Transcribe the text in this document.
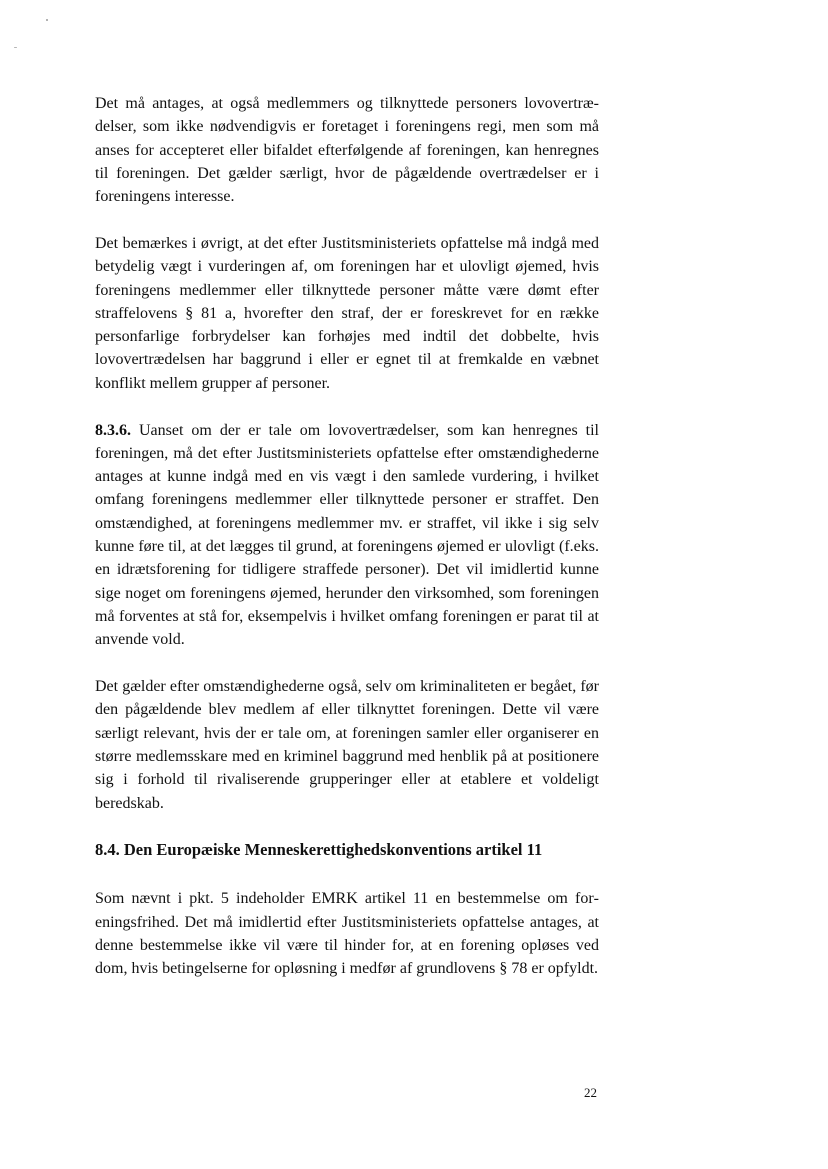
Det må antages, at også medlemmers og tilknyttede personers lovovertrædelser, som ikke nødvendigvis er foretaget i foreningens regi, men som må anses for accepteret eller bifaldet efterfølgende af foreningen, kan henregnes til foreningen. Det gælder særligt, hvor de pågældende overtrædelser er i foreningens interesse.

Det bemærkes i øvrigt, at det efter Justitsministeriets opfattelse må indgå med betydelig vægt i vurderingen af, om foreningen har et ulovligt øjemed, hvis foreningens medlemmer eller tilknyttede personer måtte være dømt efter straffelovens § 81 a, hvorefter den straf, der er foreskrevet for en række personfarlige forbrydelser kan forhøjes med indtil det dobbelte, hvis lovovertrædelsen har baggrund i eller er egnet til at fremkalde en væbnet konflikt mellem grupper af personer.

8.3.6. Uanset om der er tale om lovovertrædelser, som kan henregnes til foreningen, må det efter Justitsministeriets opfattelse efter omstændighederne antages at kunne indgå med en vis vægt i den samlede vurdering, i hvilket omfang foreningens medlemmer eller tilknyttede personer er straffet. Den omstændighed, at foreningens medlemmer mv. er straffet, vil ikke i sig selv kunne føre til, at det lægges til grund, at foreningens øjemed er ulovligt (f.eks. en idrætsforening for tidligere straffede personer). Det vil imidlertid kunne sige noget om foreningens øjemed, herunder den virksomhed, som foreningen må forventes at stå for, eksempelvis i hvilket omfang foreningen er parat til at anvende vold.

Det gælder efter omstændighederne også, selv om kriminaliteten er begået, før den pågældende blev medlem af eller tilknyttet foreningen. Dette vil være særligt relevant, hvis der er tale om, at foreningen samler eller organiserer en større medlemsskare med en kriminel baggrund med henblik på at positionere sig i forhold til rivaliserende grupperinger eller at etablere et voldeligt beredskab.

8.4. Den Europæiske Menneskerettighedskonventions artikel 11

Som nævnt i pkt. 5 indeholder EMRK artikel 11 en bestemmelse om foreningsfrihed. Det må imidlertid efter Justitsministeriets opfattelse antages, at denne bestemmelse ikke vil være til hinder for, at en forening opløses ved dom, hvis betingelserne for opløsning i medfør af grundlovens § 78 er opfyldt.

22
